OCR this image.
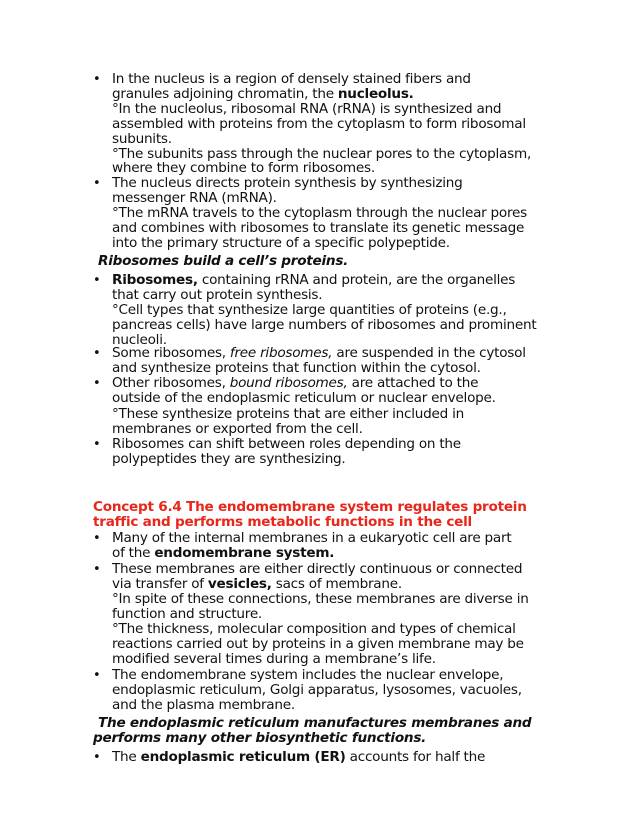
• In the nucleus is a region of densely stained fibers and
granules adjoining chromatin, the nucleolus.
°In the nucleolus, ribosomal RNA (rRNA) is synthesized and
assembled with proteins from the cytoplasm to form ribosomal
subunits.
°The subunits pass through the nuclear pores to the cytoplasm,
where they combine to form ribosomes.
• The nucleus directs protein synthesis by synthesizing
messenger RNA (mRNA).
°The mRNA travels to the cytoplasm through the nuclear pores
and combines with ribosomes to translate its genetic message
into the primary structure of a specific polypeptide.
Ribosomes build a cell’s proteins.
• Ribosomes, containing rRNA and protein, are the organelles
that carry out protein synthesis.
°Cell types that synthesize large quantities of proteins (e.g.,
pancreas cells) have large numbers of ribosomes and prominent
nucleoli.
• Some ribosomes, free ribosomes, are suspended in the cytosol
and synthesize proteins that function within the cytosol.
• Other ribosomes, bound ribosomes, are attached to the
outside of the endoplasmic reticulum or nuclear envelope.
°These synthesize proteins that are either included in
membranes or exported from the cell.
• Ribosomes can shift between roles depending on the
polypeptides they are synthesizing.
Concept 6.4 The endomembrane system regulates protein
traffic and performs metabolic functions in the cell
• Many of the internal membranes in a eukaryotic cell are part
of the endomembrane system.
• These membranes are either directly continuous or connected
via transfer of vesicles, sacs of membrane.
°In spite of these connections, these membranes are diverse in
function and structure.
°The thickness, molecular composition and types of chemical
reactions carried out by proteins in a given membrane may be
modified several times during a membrane’s life.
• The endomembrane system includes the nuclear envelope,
endoplasmic reticulum, Golgi apparatus, lysosomes, vacuoles,
and the plasma membrane.
The endoplasmic reticulum manufactures membranes and
performs many other biosynthetic functions.
• The endoplasmic reticulum (ER) accounts for half the
